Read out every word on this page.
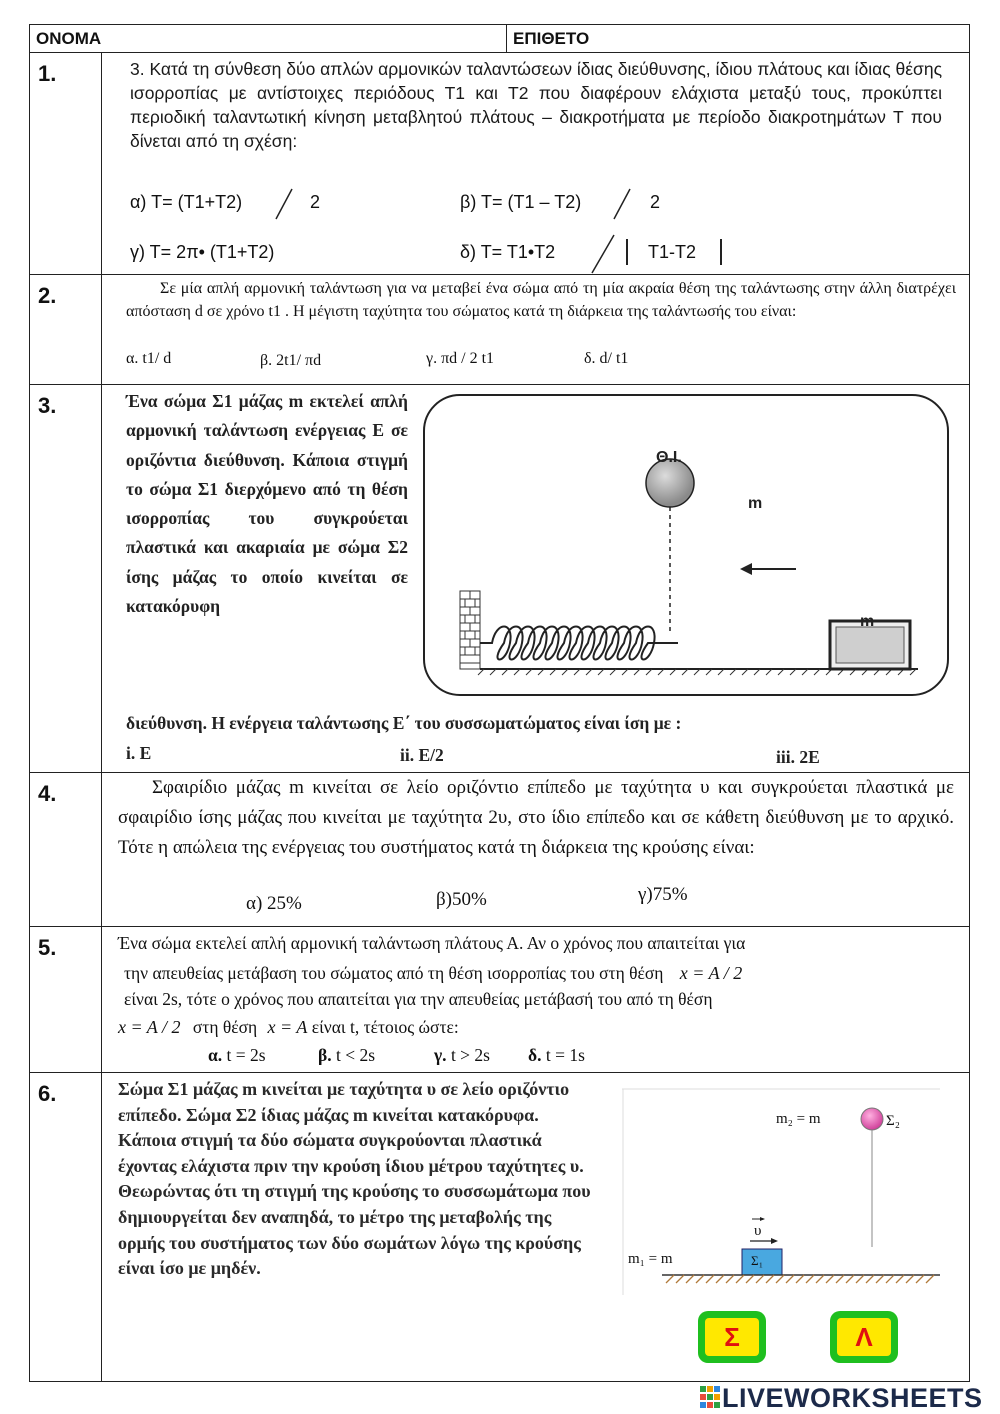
ΟΝΟΜΑ	ΕΠΙΘΕΤΟ
1.	3. Κατά τη σύνθεση δύο απλών αρμονικών ταλαντώσεων ίδιας διεύθυνσης, ίδιου πλάτους και ίδιας θέσης ισορροπίας με αντίστοιχες περιόδους Τ1 και Τ2 που διαφέρουν ελάχιστα μεταξύ τους, προκύπτει περιοδική ταλαντωτική κίνηση μεταβλητού πλάτους – διακροτήματα με περίοδο διακροτημάτων Τ που δίνεται από τη σχέση:
α) Τ= (Τ1+Τ2)	2	β) Τ= (Τ1 – Τ2)	2
γ) Τ= 2π• (Τ1+Τ2)	δ) Τ= Τ1•Τ2	Τ1-Τ2
2.	Σε μία απλή αρμονική ταλάντωση για να μεταβεί ένα σώμα από τη μία ακραία θέση της ταλάντωσης στην άλλη διατρέχει απόσταση d σε χρόνο t1 . Η μέγιστη ταχύτητα του σώματος κατά τη διάρκεια της ταλάντωσής του είναι:
α. t1/ d	β. 2t1/ πd	γ. πd / 2 t1	δ. d/ t1
3.	Ένα σώμα Σ1 μάζας m εκτελεί απλή αρμονική ταλάντωση ενέργειας Ε σε οριζόντια διεύθυνση. Κάποια στιγμή το σώμα Σ1 διερχόμενο από τη θέση ισορροπίας του συγκρούεται πλαστικά και ακαριαία με σώμα Σ2 ίσης μάζας το οποίο κινείται σε κατακόρυφη
διεύθυνση. Η ενέργεια ταλάντωσης Ε΄ του συσσωματώματος είναι ίση με :
i. Ε	ii. Ε/2	iii. 2Ε
Θ.Ι.
m
m
4.	Σφαιρίδιο μάζας m κινείται σε λείο οριζόντιο επίπεδο με ταχύτητα υ και συγκρούεται πλαστικά με σφαιρίδιο ίσης μάζας που κινείται με ταχύτητα 2υ, στο ίδιο επίπεδο και σε κάθετη διεύθυνση με το αρχικό. Τότε η απώλεια της ενέργειας του συστήματος κατά τη διάρκεια της κρούσης είναι:
α) 25%	β)50%	γ)75%
5.	Ένα σώμα εκτελεί απλή αρμονική ταλάντωση πλάτους Α. Αν ο χρόνος που απαιτείται για
την απευθείας μετάβαση του σώματος από τη θέση ισορροπίας του στη θέση x = A / 2
είναι 2s, τότε ο χρόνος που απαιτείται για την απευθείας μετάβασή του από τη θέση
x = A / 2 στη θέση x = A είναι t, τέτοιος ώστε:
α. t = 2s	β. t < 2s	γ. t > 2s δ. t = 1s
6.	Σώμα Σ1 μάζας m κινείται με ταχύτητα υ σε λείο οριζόντιο επίπεδο. Σώμα Σ2 ίδιας μάζας m κινείται κατακόρυφα. Κάποια στιγμή τα δύο σώματα συγκρούονται πλαστικά έχοντας ελάχιστα πριν την κρούση ίδιου μέτρου ταχύτητες υ. Θεωρώντας ότι τη στιγμή της κρούσης το συσσωμάτωμα που δημιουργείται δεν αναπηδά, το μέτρο της μεταβολής της ορμής του συστήματος των δύο σωμάτων λόγω της κρούσης είναι ίσο με μηδέν.
m₂ = m	Σ₂
m₁ = m	Σ₁
υ
Σ	Λ
LIVEWORKSHEETS
